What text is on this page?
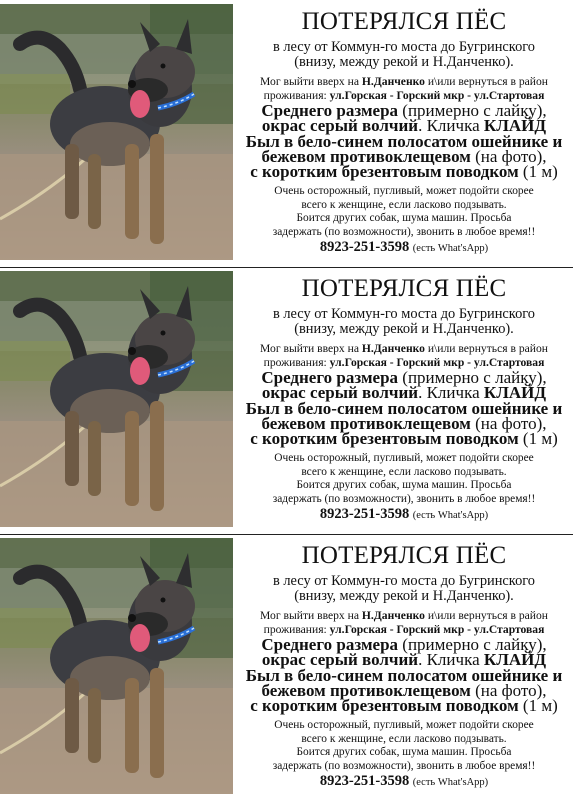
ПОТЕРЯЛСЯ ПЁС
в лесу от Коммун-го моста до Бугринского
(внизу, между рекой и Н.Данченко).
Мог выйти вверх на Н.Данченко и\или вернуться в район
проживания: ул.Горская - Горский мкр - ул.Стартовая
Среднего размера (примерно с лайку),
окрас серый волчий. Кличка КЛАЙД
Был в бело-синем полосатом ошейнике и
бежевом противоклещевом (на фото),
с коротким брезентовым поводком (1 м)
Очень осторожный, пугливый, может подойти скорее
всего к женщине, если ласково подзывать.
Боится других собак, шума машин. Просьба
задержать (по возможности), звонить в любое время!!
8923-251-3598 (есть What'sApp)
ПОТЕРЯЛСЯ ПЁС
в лесу от Коммун-го моста до Бугринского
(внизу, между рекой и Н.Данченко).
Мог выйти вверх на Н.Данченко и\или вернуться в район
проживания: ул.Горская - Горский мкр - ул.Стартовая
Среднего размера (примерно с лайку),
окрас серый волчий. Кличка КЛАЙД
Был в бело-синем полосатом ошейнике и
бежевом противоклещевом (на фото),
с коротким брезентовым поводком (1 м)
Очень осторожный, пугливый, может подойти скорее
всего к женщине, если ласково подзывать.
Боится других собак, шума машин. Просьба
задержать (по возможности), звонить в любое время!!
8923-251-3598 (есть What'sApp)
ПОТЕРЯЛСЯ ПЁС
в лесу от Коммун-го моста до Бугринского
(внизу, между рекой и Н.Данченко).
Мог выйти вверх на Н.Данченко и\или вернуться в район
проживания: ул.Горская - Горский мкр - ул.Стартовая
Среднего размера (примерно с лайку),
окрас серый волчий. Кличка КЛАЙД
Был в бело-синем полосатом ошейнике и
бежевом противоклещевом (на фото),
с коротким брезентовым поводком (1 м)
Очень осторожный, пугливый, может подойти скорее
всего к женщине, если ласково подзывать.
Боится других собак, шума машин. Просьба
задержать (по возможности), звонить в любое время!!
8923-251-3598 (есть What'sApp)
